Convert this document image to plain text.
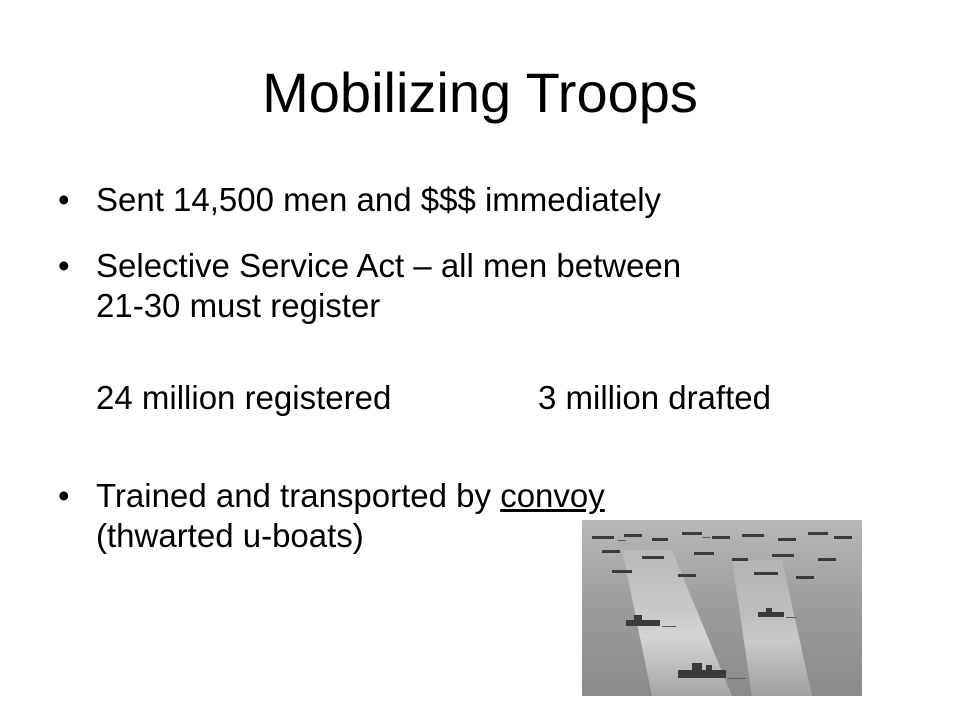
Mobilizing Troops
• Sent 14,500 men and $$$ immediately
• Selective Service Act – all men between
21-30 must register
24 million registered	3 million drafted
• Trained and transported by convoy
(thwarted u-boats)
